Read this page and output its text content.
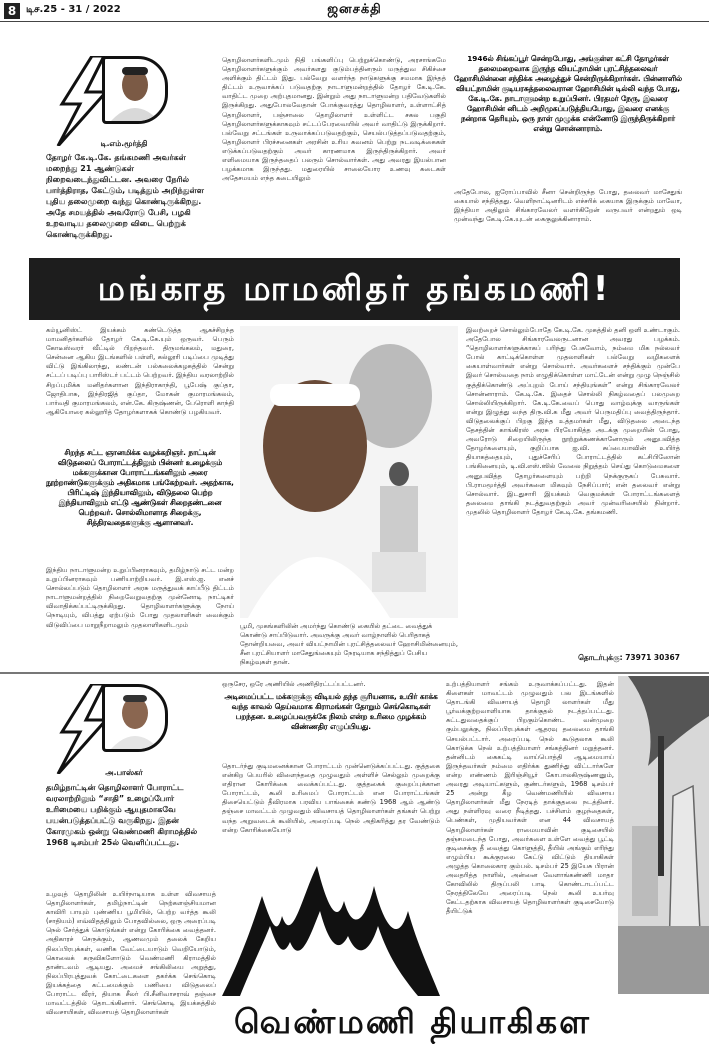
8 டிச.25 - 31 / 2022	ஜனசக்தி
டி.எம்.மூர்த்தி
தோழர் கே.டி.கே. தங்கமணி அவர்கள் மறைந்து 21 ஆண்டுகள் நிறைவடைந்துவிட்டன. அவரை நேரில் பார்த்திராத, கேட்டும், படித்தும் அறிந்துள்ள புதிய தலைமுறை வந்து கொண்டிருக்கிறது. அதே சமயத்தில் அவரோடு பேசி, பழகி உறவாடிய தலைமுறை விடை பெற்றுக் கொண்டிருக்கிறது.
தொழிலாளர்களிடமும் நிதி பங்களிப்பு பெற்றுக்கொண்டு, அரசாங்கமே தொழிலாளர்களுக்கும் அவர்களது குடும்பத்தினரும் மருத்துவ சிகிச்சை அளிக்கும் திட்டம் இது. பல்வேறு வளர்ந்த நாடுகளுக்கு சமமாக இந்தத் திட்டம் உருவாக்கப் படுவதற்கு நாடாளுமன்றத்தில் தோழர் கே.டி.கே. வாதிட்ட முறை அற்புதமானது. இன்றும் அது நாடாளுமன்ற பதிவேடுகளில் இருக்கிறது. அதுபோலவேதான் போக்குவரத்து தொழிலாளர், உள்ளாட்சித் தொழிலாளர், பஞ்சாலை தொழிலாளர் உள்ளிட்ட சகல பகுதி தொழிலாளர்களுக்காகவும் சட்டப்பேரவையில் அவர் வாதிட்டு இருக்கிறார். பல்வேறு சட்டங்கள் உருவாக்கப்படுவதற்கும், செயல்படுத்தப்படுவதற்கும், தொழிலாளர் பிரச்சனைகள் அரசின் உரிய கவனம் பெற்று நடவடிக்கைகள் எடுக்கப்படுவதற்கும் அவர் காரணமாக இருந்திருக்கிறார். அவர் எளிமையாக இருந்ததைப் பலரும் சொல்வார்கள். அது அவரது இயல்பான பழக்கமாக இருந்தது. மதுரையில் சாலையோர உணவு கடைகள் அதேசமயம் எந்த கடையிலும்
1946ல் சிங்கப்பூர் சென்றபோது, அங்குள்ள கட்சி தோழர்கள் தலைமறைவாக இருந்த வியட்நாமின் புரட்சித்தலைவர் ஹோசிமின்னை சந்திக்க அழைத்துச் சென்றிருக்கிறார்கள். பின்னாளில் வியட்நாமின் குடியரசுத்தலைவரான ஹோசிமின் டில்லி வந்த போது, கே.டி.கே. நாடாளுமன்ற உறுப்பினர். பிரதமர் நேரு, இவரை ஹோசிமின் னிடம் அறிமுகப்படுத்தியபோது, இவரை எனக்கு நன்றாக தெரியும், ஒரு நாள் முழுக்க என்னோடு இருந்திருக்கிறார் என்று சொன்னாராம்.
அதேபோல, ஐரோப்பாவில் சீனா சென்றிருந்த போது, தலைவர் மாசேதுங் கையால் சந்தித்தது. வெளிநாட்டினரிடம் எச்சரிக் கையாக இருக்கும் மாவோ, இந்தியா அதிலும் சிங்காரவேலர் வளர்கிறேன் வருபவர் என்றதும் ஒடி முன்வந்து கே.டி.கே.யுடன் கைகுலுக்கினாராம்.
மங்காத மாமனிதர் தங்கமணி!
கம்யூனிஸ்ட் இயக்கம் கண்டெடுத்த ஆகச்சிறந்த மாமனிதர்களில் தோழர் கே.டி.கே.யும் ஒருவர். பெரும் கோடீஸ்வரர் வீட்டில் பிறந்தவர். திருமங்கலம், மதுரை, சென்னை ஆகிய இடங்களில் பள்ளி, கல்லூரி படிப்பை முடித்து விட்டு இங்கிலாந்து, லண்டன் பல்கலைக்கழகத்தில் சென்று சட்டப் படிப்பு பாரிஸ்டர் பட்டம் பெற்றவர். இந்திய வரலாற்றில் சிறப்புமிக்க மனிதர்களான இந்திராகாந்தி, பூபேஷ் குப்தா, ஜோதிபாசு, இந்திரஜித் குப்தா, மோகன் குமாரமங்கலம், பார்வதி குமாரமங்கலம், என்.கே. கிருஷ்ணன், பேரொளி காந்தி ஆகியோரை கல்லூரித் தோழர்களாகக் கொண்டு பழகியவர்.
சிறந்த சட்ட ஞானமிக்க வழக்கறிஞர். நாட்டின் விடுதலைப் போராட்டத்திலும் பின்னர் உழைக்கும் மக்களுக்கான போராட்டங்களிலும் அரை நூற்றாண்டுகளுக்கும் அதிகமாக பங்கேற்றவர். அதற்காக, பிரிட்டிஷ் இந்தியாவிலும், விடுதலை பெற்ற இந்தியாவிலும் எட்டு ஆண்டுகள் சிறைதண்டனை பெற்றவர். சொல்லிமாளாத சிறைக்கு, சித்திரவதைகளுக்கு ஆளானவர்.
இந்திய நாடாளுமன்ற உறுப்பினராகவும், தமிழ்நாடு சட்ட மன்ற உறுப்பினராகவும் பணியாற்றியவர். இ.எஸ்.ஐ. எனச் சொல்லப்படும் தொழிலாளர் அரசு மருத்துவக் காப்பீடு திட்டம் நாடாளுமன்றத்தில் நிறைவேறுவதற்கு முன்னோடி நாட்டிகர் விவாதிக்கப்பட்டிருக்கிறது. தொழிலாளர்களுக்கு நோய் நொடியும், விபத்து ஏற்படும் போது முதலாளிகள் வைக்கும் விடுவிப்பை மாறுநீறாமலும் முதலாளிகளிடமும்	பூமி, முகங்களிலின் அமர்ந்து கொண்டு கையில் தட்டை வைத்துக் கொண்டு சாப்பிடுவார். அவருக்கு அவர் வாழ்நாளில் பெரிதாகத் தோன்றியவை, அவர் வியட்நாமின் புரட்சித்தலைவர் ஹோசிமின்னையும், சீன புரட்சியாளர் மாசேதுங்கையும் நேரடியாக சந்தித்துப் பேசிய நிகழ்வுகள் தான்.
இவற்றைச் சொல்லும்போதே கே.டி.கே. முகத்தில் தனி ஒளி உண்டாகும். அதேபோல சிங்காரவேலருடனான அவரது பழக்கம். “தொழிலாளர்களுக்காகப் பரிந்து பேசுவோம், நம்மை மிக நல்லவர் போல் காட்டிக்கொள்ள முதலாளிகள் பல்வேறு வழிகளைக் கையாள்வார்கள் என்று சொல்வார். அவர்களைச் சந்திக்கும் முன்பே இவர் சொல்வதை நாம் எழுதிக்கொள்ள மாட்டேன் என்று முழு நெஞ்சில் குத்திக்கொண்டு அப்புறம் போய் சந்தியுங்கள்” என்று சிங்காரவேலர் சொன்னாராம். கே.டி.கே. இதைச் சொல்லி நிகழ்வதைப் பலமுறை சொல்லியிருக்கிறார். கே.டி.கே.வைப் பொது வாழ்வுக்கு வாருங்கள் என்று இழுத்து வந்த திரு.வி.க மீது அவர் பெருமதிப்பு வைத்திருந்தார். விடுதலைக்குப் பிறகு இந்த உத்தமர்கள் மீது, விடுதலை அடைந்த தேசத்தின் காங்கிரஸ் அரசு பிரயோகித்த அடக்கு முறையின் போது, அவரோடு சிறையிலிருந்த நூற்றுக்கணக்கானோரும் அனுபவித்த தோழர்களையும், குறிப்பாக ஐ.வி. சுப்பையாவின் உயிர்த் தியாகத்தையும், புதுச்சேரிப் போராட்டத்தில் கட்சிபிஸோன் பங்கினையும், டி.வி.எஸ்.ஸில் வேலை நிறுத்தம் செய்து கொடுமைகளை அனுபவித்த தோழர்களையும் பற்றி நெக்குருகப் பேசுவார். பி.ராமமூர்த்தி அவர்களை மிகவும் நேசிப்பார்; என் தலைவர் என்று சொல்வார். இடதுசாரி இயக்கம் வெகுமக்கள் போராட்டங்களைத் தலைமை தாங்கி நடத்துவதற்கும் அவர் முன்வரிசையில் நின்றார். முதலில் தொழிலாளர் தோழர் கே.டி.கே. தங்கமணி.
தொடர்புக்கு: 73971 30367
அ.பாஸ்கர்
தமிழ்நாட்டின் தொழிலாளர் போராட்ட வரலாற்றிலும் “சாதி” உழைப்போர் உரிமையை பறிக்கும் ஆயுதமாகவே பயன்படுத்தப்பட்டு வருகிறது. இதன் கோரமுகம் ஒன்று வெண்மணி கிராமத்தில் 1968 டிசம்பர் 25ல் வெளிப்பட்டது.
உழவுத் தொழிலின் உயிர்நாடியாக உள்ள விவசாயத் தொழிலாளர்கள், தமிழ்நாட்டின் நெற்களஞ்சியமான காவிரி பாயும் புண்ணிய பூமியில், பெற்ற வர்த்த கூலி (சாதியம்) எவ்விதத்திலும் போதவில்லை, ஒரு அரைப்படி நெல் சேர்த்துக் கொடுங்கள் என்று கோரிக்கை வைத்தனர். அதிகாரச் செருக்கும், ஆணவமும் தலைக் கேறிய நிலப்பிரபுக்கள், வணிக வேட்டையாடும் வெறியோடும், கொலைக் கருவிகளோடும் வெண்மணி கிராமத்தில் தாண்டவம் ஆடியது. அமைச் சங்கிலியை அறுத்து, நிலப்பிரபுத்துவக் கோட்டைகளை தகர்க்க செங்கொடி இயக்கத்தை கட்டமைக்கும் பணியை விடுதலைப் போராட்ட வீரர், தியாக சீலர் பி.சீனிவாசராவ் தஞ்சை மாவட்டத்தில் தொடங்கினார். செங்கொடி இயக்கத்தில் விவசாயிகள், விவசாயத் தொழிலாளர்கள்
ஒருசேர, ஒரே அணியில் அணிதிரட்டப்பட்டனர்.
அடிமைப்பட்ட மக்களுக்கு விடியல் தந்த சூரியனாக, உயிர் காக்க வந்த காவல் தெய்வமாக கிராமங்கள் தோறும் செங்கொடிகள் பறந்தன. உழைப்பவருக்கே நிலம் என்ற உரிமை முழக்கம் விண்ணதிர எழுப்பியது.
தொடர்ந்து குடிமனைக்கான போராட்டம் முன்னெடுக்கப்பட்டது. குத்தகை என்கிற பெயரில் விளைந்ததை முழுவதும் அள்ளிச் செல்லும் முறைக்கு எதிரான கோரிக்கை வைக்கப்பட்டது. குத்தகைக் குறைப்புக்கான போராட்டம், கூலி உரிமைப் போராட்டம் என போராட்டங்கள் திசையெட்டும் தீவிரமாக பரவிய பாங்கைக் கண்டு 1968 ஆம் ஆண்டு தஞ்சை மாவட்டம் முழுவதும் விவசாயத் தொழிலாளர்கள் தங்கள் பெற்று வந்த அறுவடைக் கூலியில், அரைப்படி நெல் அதிகரித்து தர வேண்டும் என்ற கோரிக்கையோடு
உற்பத்தியாளர் சங்கம் உருவாக்கப்பட்டது. இதன் கிளைகள் மாவட்டம் முழுவதும் பல இடங்களில் தொடங்கி விவசாயத் தொழி லாளர்கள் மீது பூர்வக்குற்றவாளியாக தாக்குதல் நடத்தப்பட்டது. சுட்டதுவதைக்குப் பிறகும்கொண்ட வன்முறை கும்பலுக்கு, நிலப்பிரபுக்கள் ஆதரவு தலைமை தாங்கி செயல்பட்டார். அரைப்படி நெல் கூடுதலாக கூலி கொடுக்க நெல் உற்பத்தியாளர் சங்கத்தினர் மறுத்தனர். தன்னிடம் கைகட்டி வாய்பொத்தி ஆடிமையாய் இருந்தவர்கள் நம்மை எதிர்க்க துணிந்து விட்டார்களே என்ற எண்ணம் இரிஞ்சியூர் கோபாலகிருஷ்ணனும், அவரது அடியாட்களும், குண்டர்களும், 1968 டிசம்பர் 25 அன்று கீழ வெண்மணியில் விவசாய தொழிலாளர்கள் மீது நேரடித் தாக்குதலை நடத்தினர். அது நள்ளிரவு வரை நீடித்தது. பச்சிளம் குழந்தைகள், பெண்கள், முதியவர்கள் என 44 விவசாயத் தொழிலாளர்கள் ராமையாவின் குடிசையில் தஞ்சமடைந்த போது, அவர்களை உள்ளே வைத்து பூட்டி குடிசைக்கு தீ வைத்து கொளுத்தி, தீயில் அங்கும் எரிந்து எழும்பிய கூக்குரலை கேட்டு விட்டும் தியாகிகள் அழுத்த கொலைகார கும்பல். டிசம்பர் 25 இயேசு பிரான் அவதரித்த நாளில், அன்னை வேளாங்கண்ணி மாதா கோவிலில் திருப்பலி பாடி கொண்டாடப்பட்ட நேரத்திலேயே அரைப்படி நெல் கூலி உயர்வு கேட்டதற்காக விவசாயத் தொழிலாளர்கள் குடிசையோடு தீயிட்டுக்
வெண்மணி தியாகிகள
